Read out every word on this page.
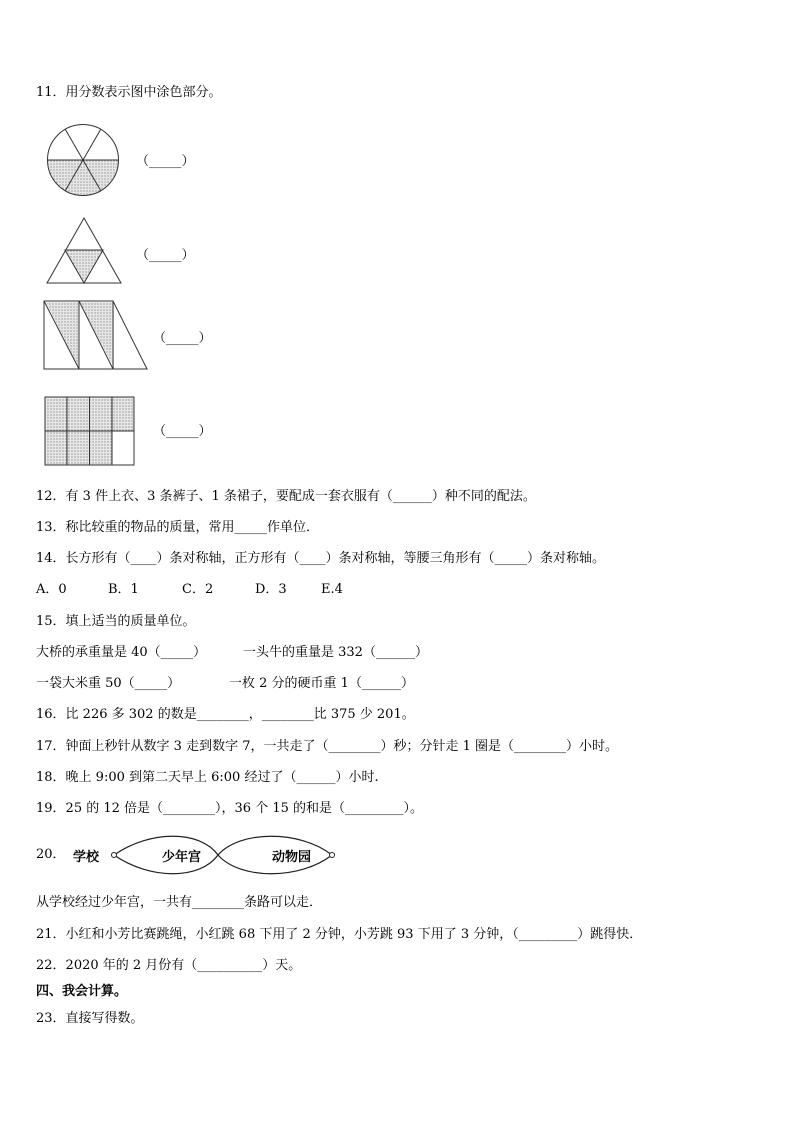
11．用分数表示图中涂色部分。
（_____）
（_____）
（_____）
（_____）
12．有 3 件上衣、3 条裤子、1 条裙子，要配成一套衣服有（______）种不同的配法。
13．称比较重的物品的质量，常用_____作单位．
14．长方形有（____）条对称轴，正方形有（____）条对称轴，等腰三角形有（_____）条对称轴。
A．0	B．1	C．2	D．3	E.4
15．填上适当的质量单位。
大桥的承重量是 40（_____）	一头牛的重量是 332（______）
一袋大米重 50（_____）	一枚 2 分的硬币重 1（______）
16．比 226 多 302 的数是________，________比 375 少 201。
17．钟面上秒针从数字 3 走到数字 7，一共走了（________）秒；分针走 1 圈是（________）小时。
18．晚上 9:00 到第二天早上 6:00 经过了（______）小时.
19．25 的 12 倍是（________），36 个 15 的和是（_________）。
20． 学校	少年宫	动物园
从学校经过少年宫，一共有________条路可以走．
21．小红和小芳比赛跳绳，小红跳 68 下用了 2 分钟，小芳跳 93 下用了 3 分钟，（_________）跳得快．
22．2020 年的 2 月份有（__________）天。
四、我会计算。
23．直接写得数。
